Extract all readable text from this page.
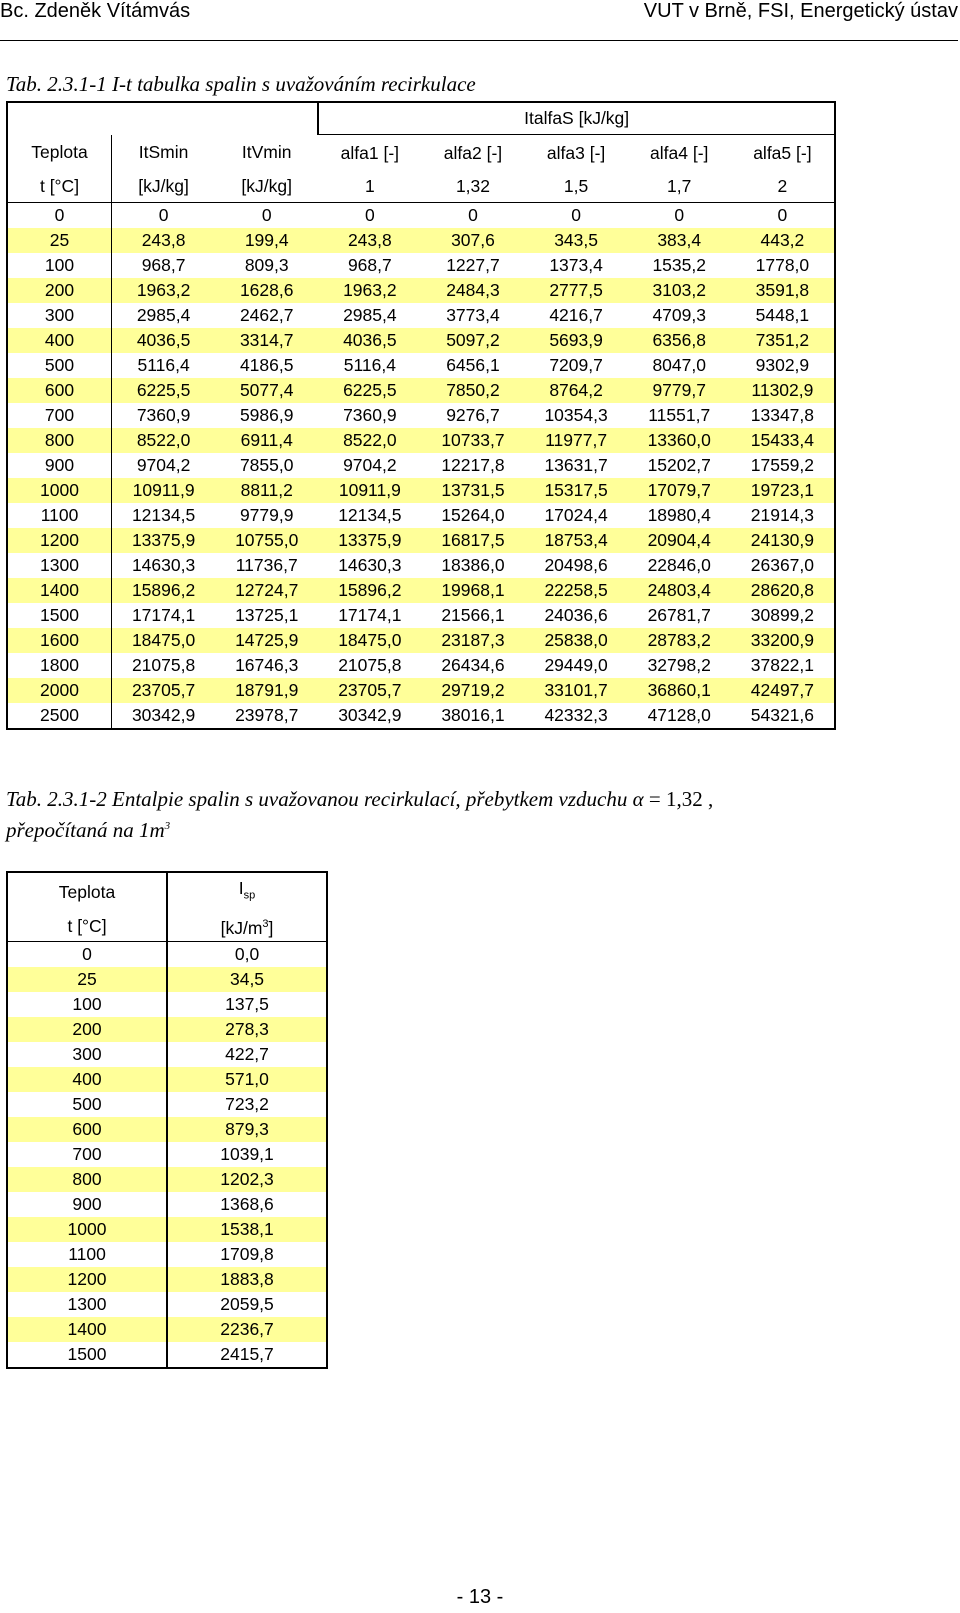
Bc. Zdeněk Vítámvás	VUT v Brně, FSI, Energetický ústav
Tab. 2.3.1-1 I-t tabulka spalin s uvažováním recirkulace
			ItalfaS [kJ/kg]				
Teplota	ItSmin	ItVmin	alfa1 [-]	alfa2 [-]	alfa3 [-]	alfa4 [-]	alfa5 [-]
t [°C]	[kJ/kg]	[kJ/kg]	1	1,32	1,5	1,7	2
0	0	0	0	0	0	0	0
25	243,8	199,4	243,8	307,6	343,5	383,4	443,2
100	968,7	809,3	968,7	1227,7	1373,4	1535,2	1778,0
200	1963,2	1628,6	1963,2	2484,3	2777,5	3103,2	3591,8
300	2985,4	2462,7	2985,4	3773,4	4216,7	4709,3	5448,1
400	4036,5	3314,7	4036,5	5097,2	5693,9	6356,8	7351,2
500	5116,4	4186,5	5116,4	6456,1	7209,7	8047,0	9302,9
600	6225,5	5077,4	6225,5	7850,2	8764,2	9779,7	11302,9
700	7360,9	5986,9	7360,9	9276,7	10354,3	11551,7	13347,8
800	8522,0	6911,4	8522,0	10733,7	11977,7	13360,0	15433,4
900	9704,2	7855,0	9704,2	12217,8	13631,7	15202,7	17559,2
1000	10911,9	8811,2	10911,9	13731,5	15317,5	17079,7	19723,1
1100	12134,5	9779,9	12134,5	15264,0	17024,4	18980,4	21914,3
1200	13375,9	10755,0	13375,9	16817,5	18753,4	20904,4	24130,9
1300	14630,3	11736,7	14630,3	18386,0	20498,6	22846,0	26367,0
1400	15896,2	12724,7	15896,2	19968,1	22258,5	24803,4	28620,8
1500	17174,1	13725,1	17174,1	21566,1	24036,6	26781,7	30899,2
1600	18475,0	14725,9	18475,0	23187,3	25838,0	28783,2	33200,9
1800	21075,8	16746,3	21075,8	26434,6	29449,0	32798,2	37822,1
2000	23705,7	18791,9	23705,7	29719,2	33101,7	36860,1	42497,7
2500	30342,9	23978,7	30342,9	38016,1	42332,3	47128,0	54321,6
Tab. 2.3.1-2 Entalpie spalin s uvažovanou recirkulací, přebytkem vzduchu α = 1,32 ,
přepočítaná na $1m^3$
Teplota	$I_{sp}$
t [°C]	$[kJ/m^3]$
0	0,0
25	34,5
100	137,5
200	278,3
300	422,7
400	571,0
500	723,2
600	879,3
700	1039,1
800	1202,3
900	1368,6
1000	1538,1
1100	1709,8
1200	1883,8
1300	2059,5
1400	2236,7
1500	2415,7
- 13 -
